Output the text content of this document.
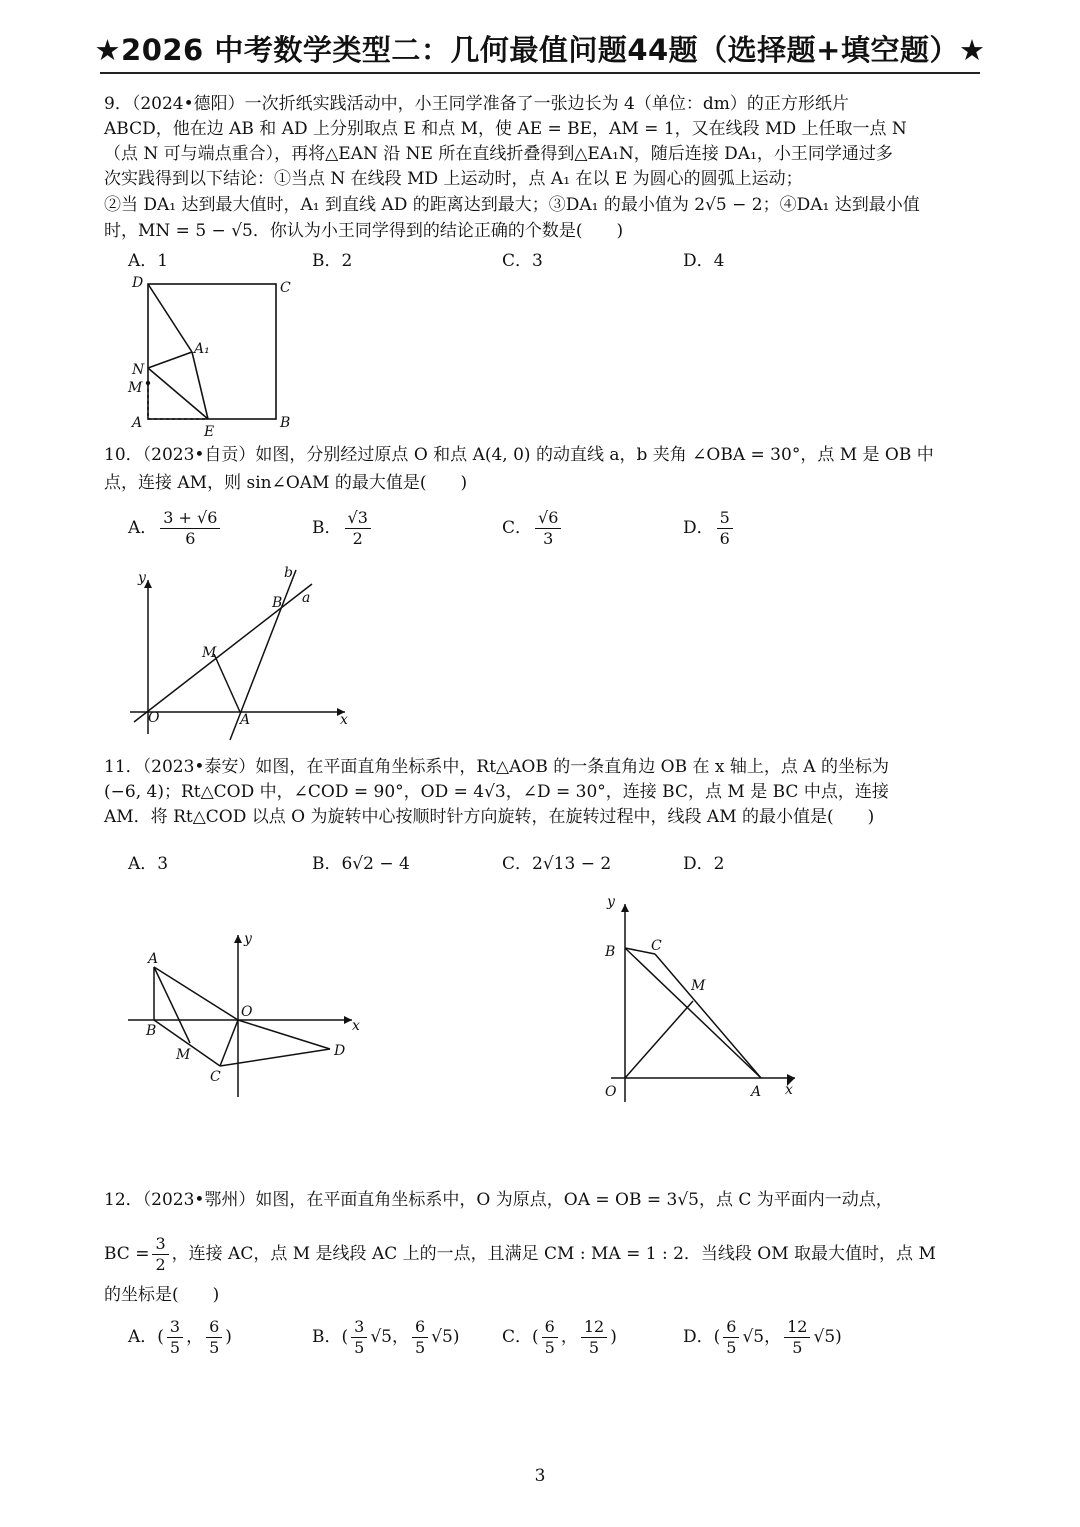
★2026 中考数学类型二：几何最值问题44题（选择题+填空题）★
9．（2024•德阳）一次折纸实践活动中，小王同学准备了一张边长为 4（单位：dm）的正方形纸片
ABCD，他在边 AB 和 AD 上分别取点 E 和点 M，使 AE = BE，AM = 1，又在线段 MD 上任取一点 N
（点 N 可与端点重合），再将△EAN 沿 NE 所在直线折叠得到△EA₁N，随后连接 DA₁，小王同学通过多
次实践得到以下结论：①当点 N 在线段 MD 上运动时，点 A₁ 在以 E 为圆心的圆弧上运动；
②当 DA₁ 达到最大值时，A₁ 到直线 AD 的距离达到最大；③DA₁ 的最小值为 2√5 − 2；④DA₁ 达到最小值
时，MN = 5 − √5．你认为小王同学得到的结论正确的个数是(　　)
A．1	B．2	C．3	D．4
D	C
A₁
N
M
A
E
B
10．（2023•自贡）如图，分别经过原点 O 和点 A(4, 0) 的动直线 a，b 夹角 ∠OBA = 30°，点 M 是 OB 中
点，连接 AM，则 sin∠OAM 的最大值是(　　)
A． $\frac{3 + √6}{6}$	B． $\frac{√3}{2}$	C． $\frac{√6}{3}$	D． $\frac{5}{6}$
y	b
B a
M
O	A	x
11．（2023•泰安）如图，在平面直角坐标系中，Rt△AOB 的一条直角边 OB 在 x 轴上，点 A 的坐标为
(−6, 4)；Rt△COD 中，∠COD = 90°，OD = 4√3，∠D = 30°，连接 BC，点 M 是 BC 中点，连接
AM．将 Rt△COD 以点 O 为旋转中心按顺时针方向旋转，在旋转过程中，线段 AM 的最小值是(　　)
A．3	B．6√2 − 4	C．2√13 − 2	D．2
y
A
O
x
B
M
C
D
y
B	C
M
O	A x
12．（2023•鄂州）如图，在平面直角坐标系中，O 为原点，OA = OB = 3√5，点 C 为平面内一动点，
BC = $\frac{3}{2}$ ，连接 AC，点 M 是线段 AC 上的一点，且满足 CM : MA = 1 : 2．当线段 OM 取最大值时，点 M
的坐标是(　　)
A．( $\frac{3}{5}$ ， $\frac{6}{5}$ )	B．( $\frac{3}{5} √5$， $\frac{6}{5} √5$)	C．( $\frac{6}{5}$ ， $\frac{12}{5}$ )	D．( $\frac{6}{5} √5$， $\frac{12}{5} √5$)
3
